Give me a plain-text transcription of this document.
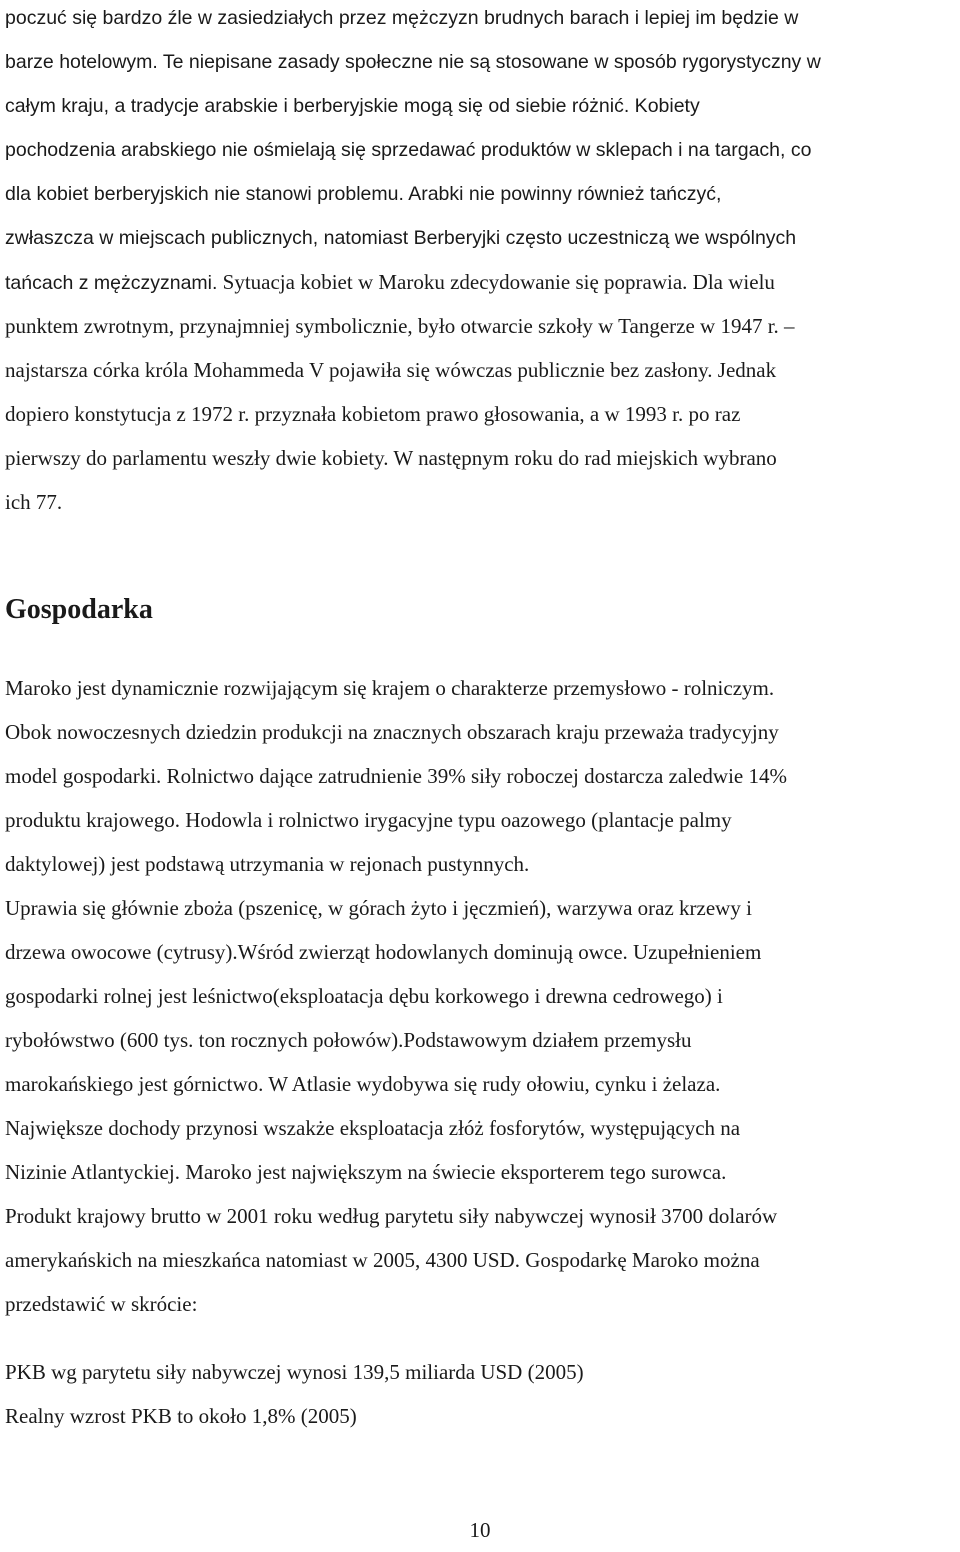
poczuć się bardzo źle w zasiedziałych przez mężczyzn brudnych barach i lepiej im będzie w
barze hotelowym. Te niepisane zasady społeczne nie są stosowane w sposób rygorystyczny w
całym kraju, a tradycje arabskie i berberyjskie mogą się od siebie różnić. Kobiety
pochodzenia arabskiego nie ośmielają się sprzedawać produktów w sklepach i na targach, co
dla kobiet berberyjskich nie stanowi problemu. Arabki nie powinny również tańczyć,
zwłaszcza w miejscach publicznych, natomiast Berberyjki często uczestniczą we wspólnych
tańcach z mężczyznami. Sytuacja kobiet w Maroku zdecydowanie się poprawia. Dla wielu
punktem zwrotnym, przynajmniej symbolicznie, było otwarcie szkoły w Tangerze w 1947 r. –
najstarsza córka króla Mohammeda V pojawiła się wówczas publicznie bez zasłony. Jednak
dopiero konstytucja z 1972 r. przyznała kobietom prawo głosowania, a w 1993 r. po raz
pierwszy do parlamentu weszły dwie kobiety. W następnym roku do rad miejskich wybrano
ich 77.
Gospodarka
Maroko jest dynamicznie rozwijającym się krajem o charakterze przemysłowo - rolniczym.
Obok nowoczesnych dziedzin produkcji na znacznych obszarach kraju przeważa tradycyjny
model gospodarki. Rolnictwo dające zatrudnienie 39% siły roboczej dostarcza zaledwie 14%
produktu krajowego. Hodowla i rolnictwo irygacyjne typu oazowego (plantacje palmy
daktylowej) jest podstawą utrzymania w rejonach pustynnych.
Uprawia się głównie zboża (pszenicę, w górach żyto i jęczmień), warzywa oraz krzewy i
drzewa owocowe (cytrusy).Wśród zwierząt hodowlanych dominują owce. Uzupełnieniem
gospodarki rolnej jest leśnictwo(eksploatacja dębu korkowego i drewna cedrowego) i
rybołówstwo (600 tys. ton rocznych połowów).Podstawowym działem przemysłu
marokańskiego jest górnictwo. W Atlasie wydobywa się rudy ołowiu, cynku i żelaza.
Największe dochody przynosi wszakże eksploatacja złóż fosforytów, występujących na
Nizinie Atlantyckiej. Maroko jest największym na świecie eksporterem tego surowca.
Produkt krajowy brutto w 2001 roku według parytetu siły nabywczej wynosił 3700 dolarów
amerykańskich na mieszkańca natomiast w 2005, 4300 USD. Gospodarkę Maroko można
przedstawić w skrócie:
PKB wg parytetu siły nabywczej wynosi 139,5 miliarda USD (2005)
Realny wzrost PKB to około 1,8% (2005)
10
